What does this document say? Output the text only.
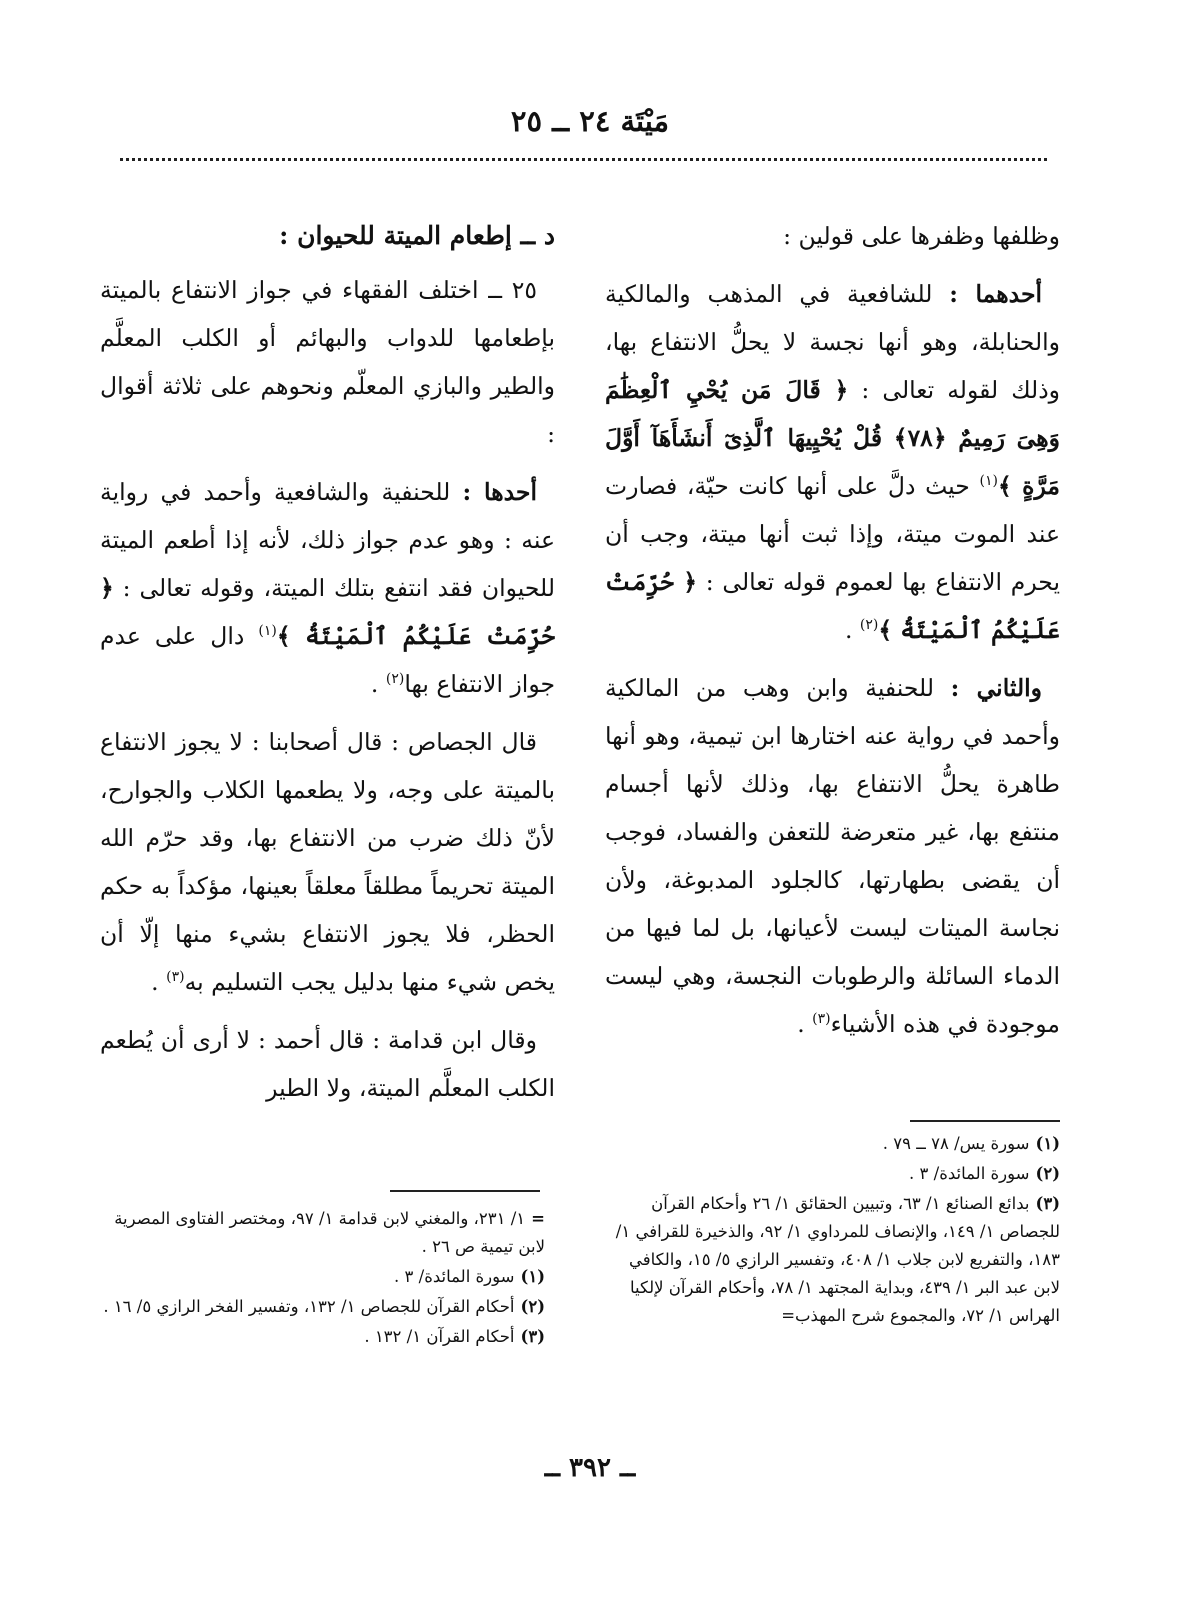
مَيْتَة ٢٤ ــ ٢٥

وظلفها وظفرها على قولين :

أحدهما : للشافعية في المذهب والمالكية والحنابلة، وهو أنها نجسة لا يحلُّ الانتفاع بها، وذلك لقوله تعالى : ﴿ قَالَ مَن يُحْيِ ٱلْعِظَٰمَ وَهِىَ رَمِيمٌ ﴿٧٨﴾ قُلْ يُحْيِيهَا ٱلَّذِىٓ أَنشَأَهَآ أَوَّلَ مَرَّةٍ ﴾$^{(١)}$ حيث دلَّ على أنها كانت حيّة، فصارت عند الموت ميتة، وإذا ثبت أنها ميتة، وجب أن يحرم الانتفاع بها لعموم قوله تعالى : ﴿ حُرِّمَتْ عَلَيْكُمُ ٱلْمَيْتَةُ ﴾$^{(٢)}$ .

والثاني : للحنفية وابن وهب من المالكية وأحمد في رواية عنه اختارها ابن تيمية، وهو أنها طاهرة يحلُّ الانتفاع بها، وذلك لأنها أجسام منتفع بها، غير متعرضة للتعفن والفساد، فوجب أن يقضى بطهارتها، كالجلود المدبوغة، ولأن نجاسة الميتات ليست لأعيانها، بل لما فيها من الدماء السائلة والرطوبات النجسة، وهي ليست موجودة في هذه الأشياء$^{(٣)}$ .

د ــ إطعام الميتة للحيوان :

٢٥ ــ اختلف الفقهاء في جواز الانتفاع بالميتة بإطعامها للدواب والبهائم أو الكلب المعلَّم والطير والبازي المعلّم ونحوهم على ثلاثة أقوال :

أحدها : للحنفية والشافعية وأحمد في رواية عنه : وهو عدم جواز ذلك، لأنه إذا أطعم الميتة للحيوان فقد انتفع بتلك الميتة، وقوله تعالى : ﴿ حُرِّمَتْ عَلَيْكُمُ ٱلْمَيْتَةُ ﴾$^{(١)}$ دال على عدم جواز الانتفاع بها$^{(٢)}$ .

قال الجصاص : قال أصحابنا : لا يجوز الانتفاع بالميتة على وجه، ولا يطعمها الكلاب والجوارح، لأنّ ذلك ضرب من الانتفاع بها، وقد حرّم الله الميتة تحريماً مطلقاً معلقاً بعينها، مؤكداً به حكم الحظر، فلا يجوز الانتفاع بشيء منها إلّا أن يخص شيء منها بدليل يجب التسليم به$^{(٣)}$ .

وقال ابن قدامة : قال أحمد : لا أرى أن يُطعم الكلب المعلَّم الميتة، ولا الطير

(١)سورة يس/ ٧٨ ــ ٧٩ .
(٢)سورة المائدة/ ٣ .
(٣)بدائع الصنائع ١/ ٦٣، وتبيين الحقائق ١/ ٢٦ وأحكام القرآن للجصاص ١/ ١٤٩، والإنصاف للمرداوي ١/ ٩٢، والذخيرة للقرافي ١/ ١٨٣، والتفريع لابن جلاب ١/ ٤٠٨، وتفسير الرازي ٥/ ١٥، والكافي لابن عبد البر ١/ ٤٣٩، وبداية المجتهد ١/ ٧٨، وأحكام القرآن لإلكيا الهراس ١/ ٧٢، والمجموع شرح المهذب=
=١/ ٢٣١، والمغني لابن قدامة ١/ ٩٧، ومختصر الفتاوى المصرية لابن تيمية ص ٢٦ .
(١)سورة المائدة/ ٣ .
(٢)أحكام القرآن للجصاص ١/ ١٣٢، وتفسير الفخر الرازي ٥/ ١٦ .
(٣)أحكام القرآن ١/ ١٣٢ .
ــ ٣٩٢ ــ
